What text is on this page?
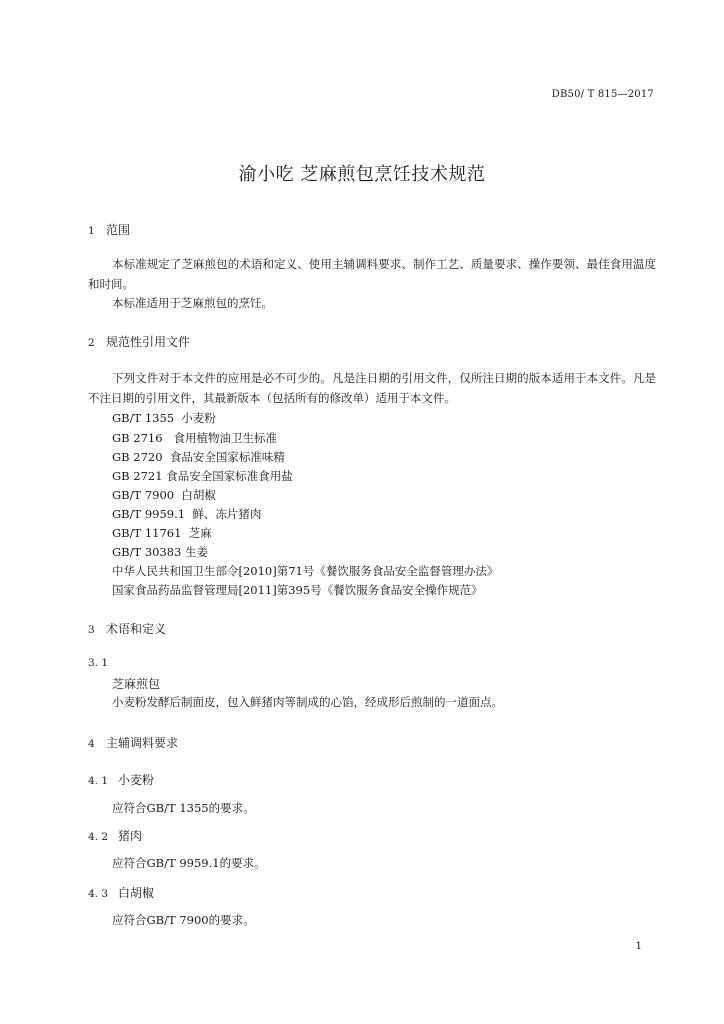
DB50/ T 815—2017
渝小吃 芝麻煎包烹饪技术规范
1 范围
本标准规定了芝麻煎包的术语和定义、使用主辅调料要求、制作工艺、质量要求、操作要领、最佳食用温度和时间。
本标准适用于芝麻煎包的烹饪。
2 规范性引用文件
下列文件对于本文件的应用是必不可少的。凡是注日期的引用文件，仅所注日期的版本适用于本文件。凡是不注日期的引用文件，其最新版本（包括所有的修改单）适用于本文件。
GB/T 1355  小麦粉
GB 2716   食用植物油卫生标准
GB 2720  食品安全国家标准味精
GB 2721 食品安全国家标准食用盐
GB/T 7900  白胡椒
GB/T 9959.1  鲜、冻片猪肉
GB/T 11761  芝麻
GB/T 30383 生姜
中华人民共和国卫生部令[2010]第71号《餐饮服务食品安全监督管理办法》
国家食品药品监督管理局[2011]第395号《餐饮服务食品安全操作规范》
3 术语和定义
3. 1
芝麻煎包
小麦粉发酵后制面皮，包入鲜猪肉等制成的心馅，经成形后煎制的一道面点。
4 主辅调料要求
4. 1 小麦粉
应符合GB/T 1355的要求。
4. 2 猪肉
应符合GB/T 9959.1的要求。
4. 3 白胡椒
应符合GB/T 7900的要求。
1
